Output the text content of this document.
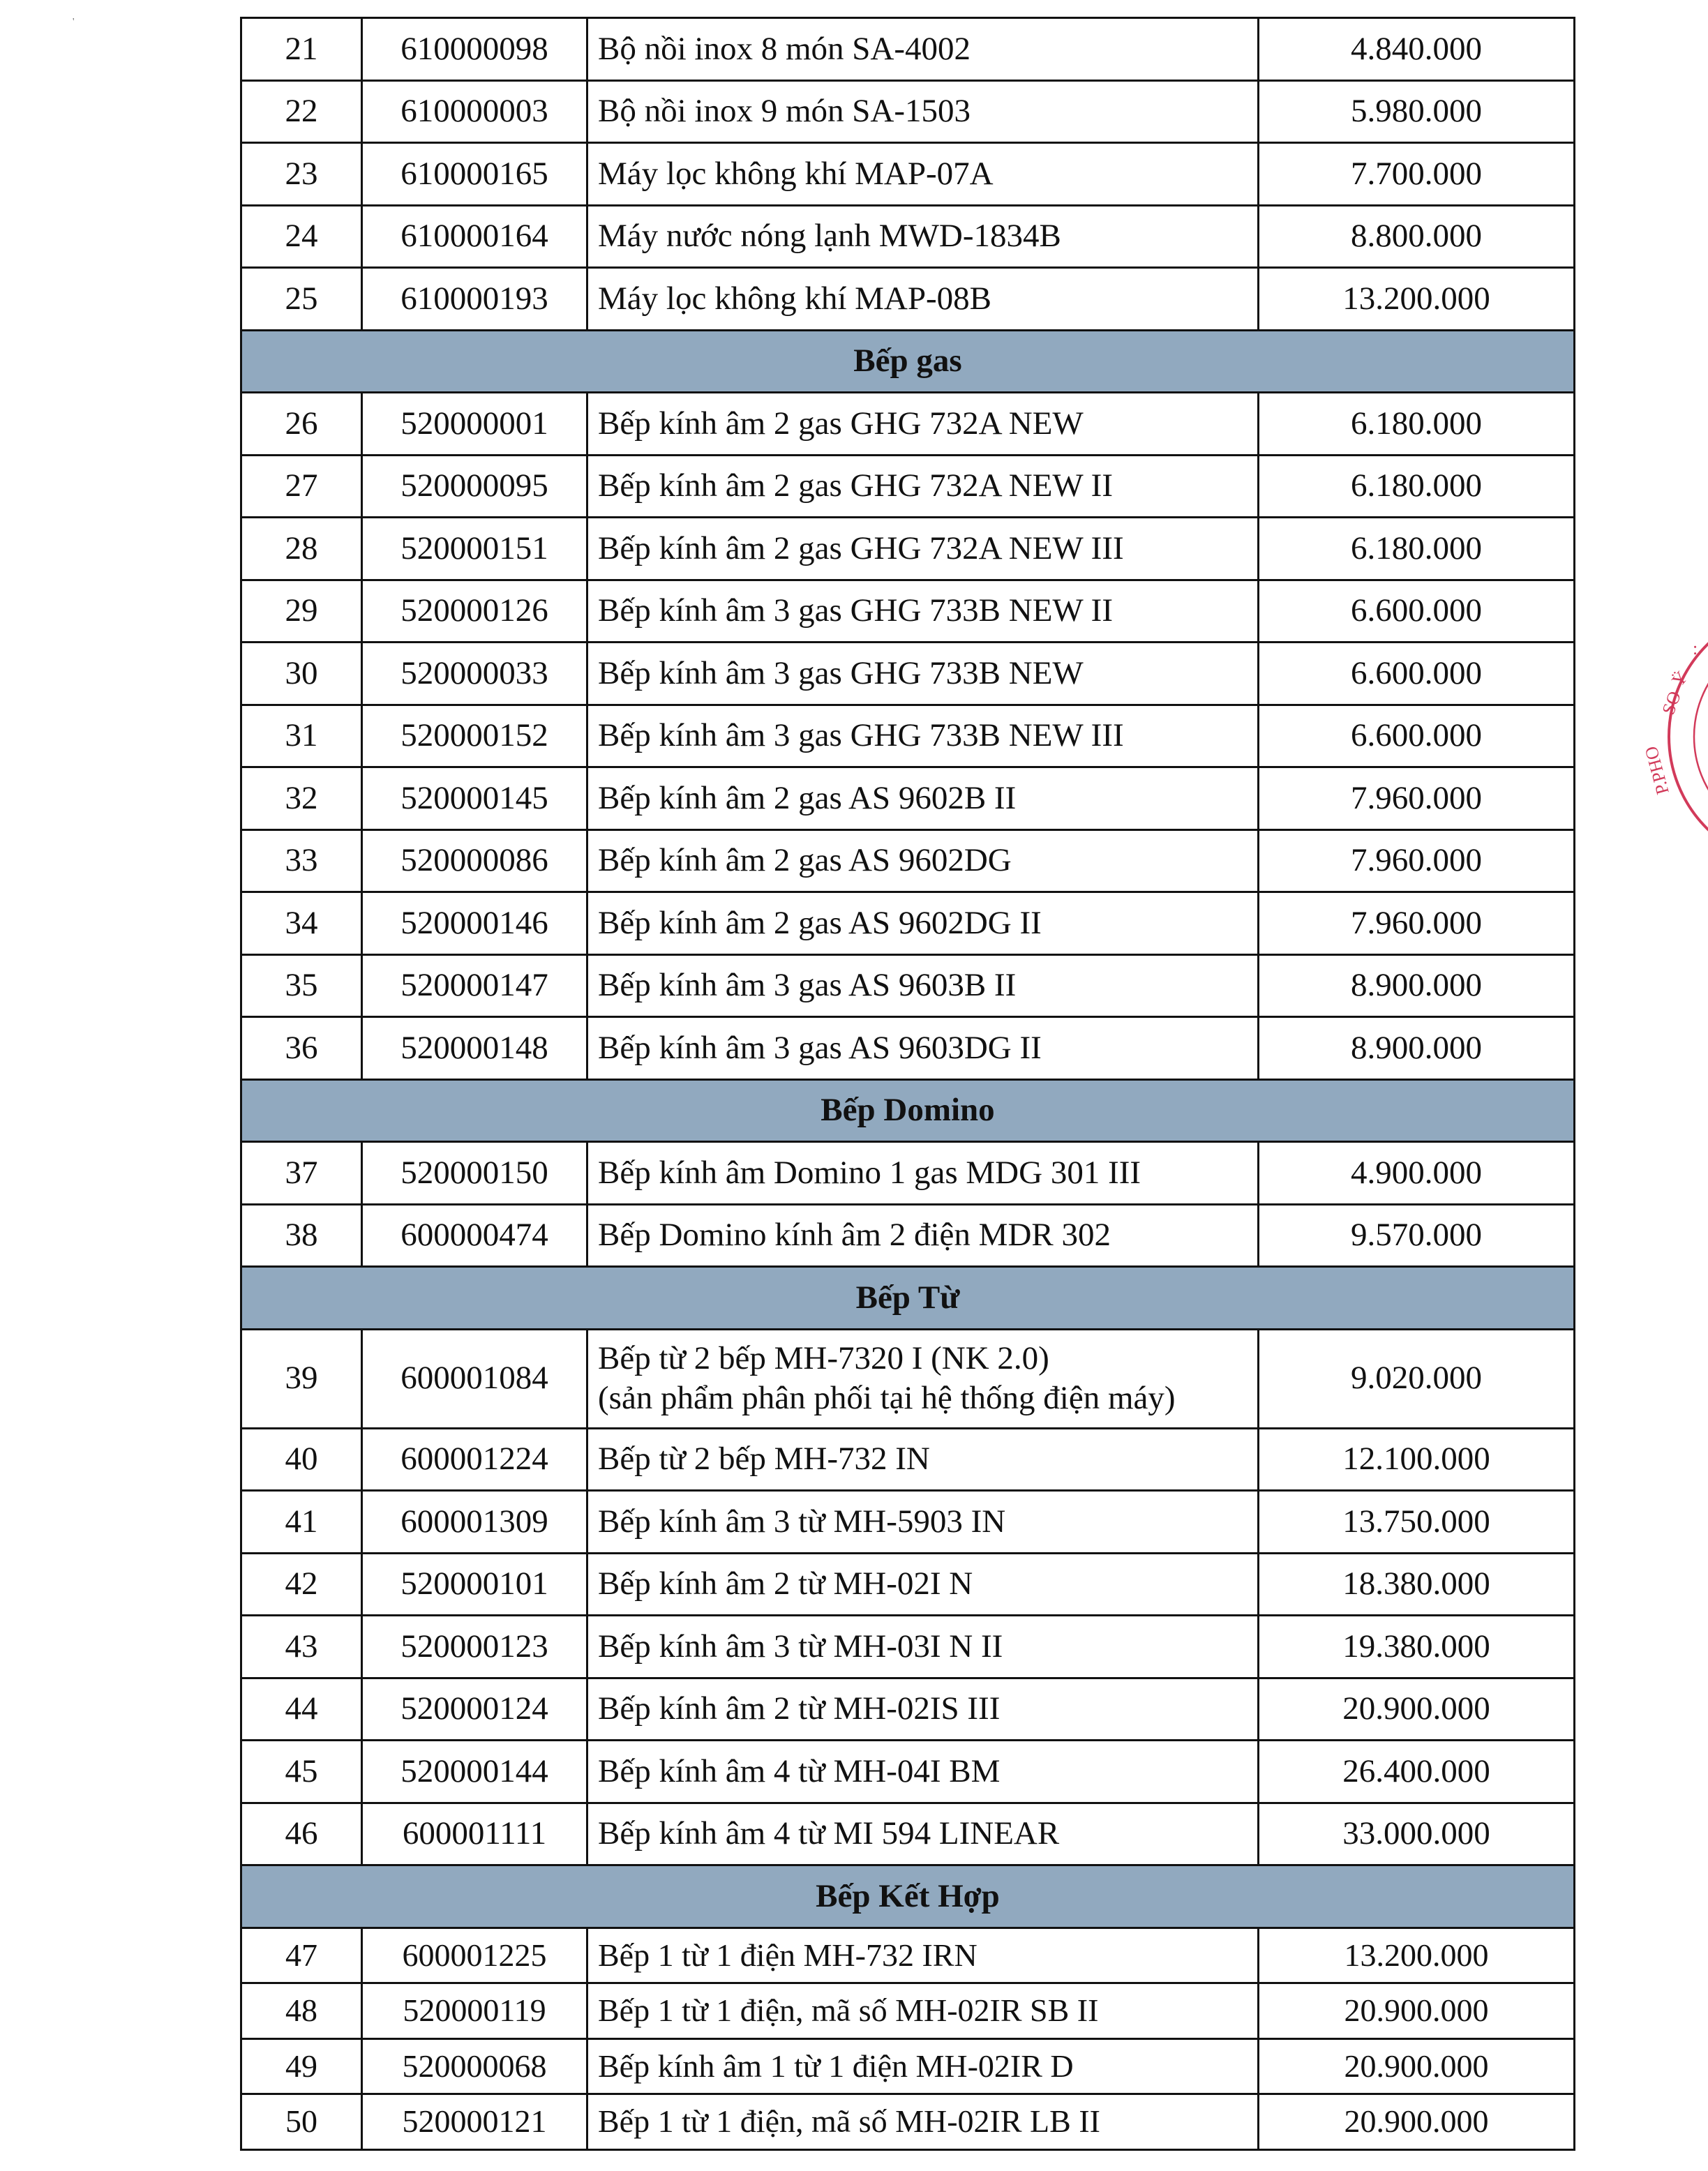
'
21	610000098	Bộ nồi inox 8 món SA-4002	4.840.000
22	610000003	Bộ nồi inox 9 món SA-1503	5.980.000
23	610000165	Máy lọc không khí MAP-07A	7.700.000
24	610000164	Máy nước nóng lạnh MWD-1834B	8.800.000
25	610000193	Máy lọc không khí MAP-08B	13.200.000
Bếp gas			
26	520000001	Bếp kính âm 2 gas GHG 732A NEW	6.180.000
27	520000095	Bếp kính âm 2 gas GHG 732A NEW II	6.180.000
28	520000151	Bếp kính âm 2 gas GHG 732A NEW III	6.180.000
29	520000126	Bếp kính âm 3 gas GHG 733B NEW II	6.600.000
30	520000033	Bếp kính âm 3 gas GHG 733B NEW	6.600.000
31	520000152	Bếp kính âm 3 gas GHG 733B NEW III	6.600.000
32	520000145	Bếp kính âm 2 gas AS 9602B II	7.960.000
33	520000086	Bếp kính âm 2 gas AS 9602DG	7.960.000
34	520000146	Bếp kính âm 2 gas AS 9602DG II	7.960.000
35	520000147	Bếp kính âm 3 gas AS 9603B II	8.900.000
36	520000148	Bếp kính âm 3 gas AS 9603DG II	8.900.000
Bếp Domino			
37	520000150	Bếp kính âm Domino 1 gas MDG 301 III	4.900.000
38	600000474	Bếp Domino kính âm 2 điện MDR 302	9.570.000
Bếp Từ			
39	600001084	Bếp từ 2 bếp MH-7320 I (NK 2.0)
(sản phẩm phân phối tại hệ thống điện máy)	9.020.000
40	600001224	Bếp từ 2 bếp MH-732 IN	12.100.000
41	600001309	Bếp kính âm 3 từ MH-5903 IN	13.750.000
42	520000101	Bếp kính âm 2 từ MH-02I N	18.380.000
43	520000123	Bếp kính âm 3 từ MH-03I N II	19.380.000
44	520000124	Bếp kính âm 2 từ MH-02IS III	20.900.000
45	520000144	Bếp kính âm 4 từ MH-04I BM	26.400.000
46	600001111	Bếp kính âm 4 từ MI 594 LINEAR	33.000.000
Bếp Kết Hợp			
47	600001225	Bếp 1 từ 1 điện MH-732 IRN	13.200.000
48	520000119	Bếp 1 từ 1 điện, mã số MH-02IR SB II	20.900.000
49	520000068	Bếp kính âm 1 từ 1 điện MH-02IR D	20.900.000
50	520000121	Bếp 1 từ 1 điện, mã số MH-02IR LB II	20.900.000
:
Ÿ
SO
P.PHO
